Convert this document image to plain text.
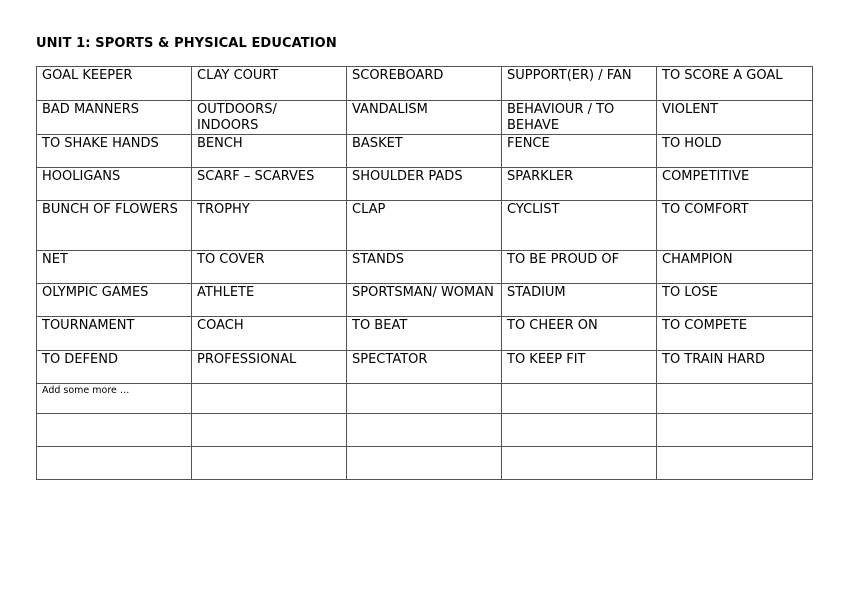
UNIT 1: SPORTS & PHYSICAL EDUCATION
GOAL KEEPER	CLAY COURT	SCOREBOARD	SUPPORT(ER) / FAN	TO SCORE A GOAL
BAD MANNERS	OUTDOORS/ INDOORS	VANDALISM	BEHAVIOUR / TO BEHAVE	VIOLENT
TO SHAKE HANDS	BENCH	BASKET	FENCE	TO HOLD
HOOLIGANS	SCARF – SCARVES	SHOULDER PADS	SPARKLER	COMPETITIVE
BUNCH OF FLOWERS	TROPHY	CLAP	CYCLIST	TO COMFORT
NET	TO COVER	STANDS	TO BE PROUD OF	CHAMPION
OLYMPIC GAMES	ATHLETE	SPORTSMAN/ WOMAN	STADIUM	TO LOSE
TOURNAMENT	COACH	TO BEAT	TO CHEER ON	TO COMPETE
TO DEFEND	PROFESSIONAL	SPECTATOR	TO KEEP FIT	TO TRAIN HARD
Add some more …				
